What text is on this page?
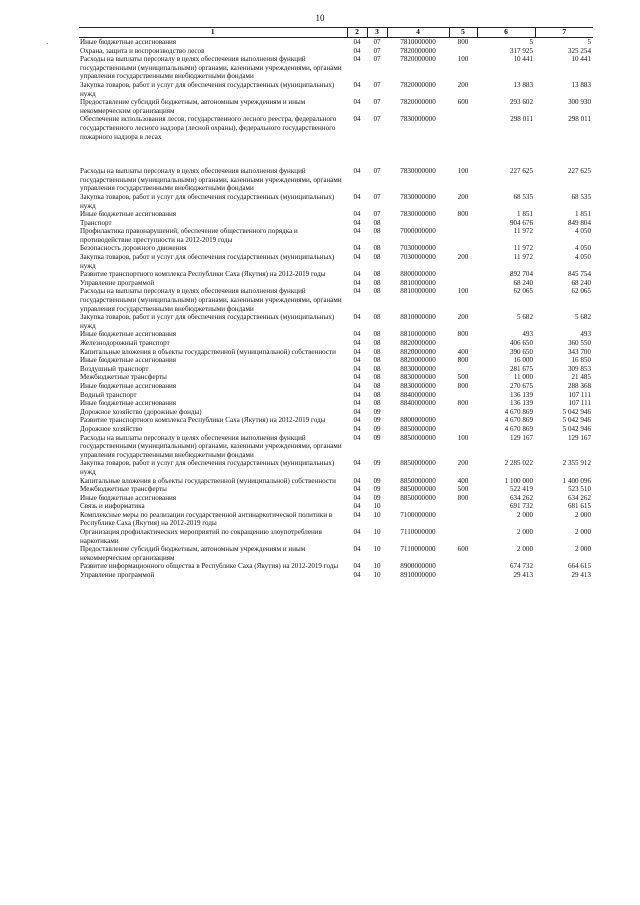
10
·
1	2	3	4	5	6	7
Иные бюджетные ассигнования	04	07	7810000000	800	5	5
Охрана, защита и воспроизводство лесов	04	07	7820000000		317 925	325 254
Расходы на выплаты персоналу в целях обеспечения выполнения функций государственными (муниципальными) органами, казенными учреждениями, органами управления государственными внебюджетными фондами	04	07	7820000000	100	10 441	10 441
Закупка товаров, работ и услуг для обеспечения государственных (муниципальных) нужд	04	07	7820000000	200	13 883	13 883
Предоставление субсидий бюджетным, автономным учреждениям и иным некоммерческим организациям	04	07	7820000000	600	293 602	300 930
Обеспечение использования лесов, государственного лесного реестра, федерального государственного лесного надзора (лесной охраны), федерального государственного пожарного надзора в лесах	04	07	7830000000		298 011	298 011
Расходы на выплаты персоналу в целях обеспечения выполнения функций государственными (муниципальными) органами, казенными учреждениями, органами управления государственными внебюджетными фондами	04	07	7830000000	100	227 625	227 625
Закупка товаров, работ и услуг для обеспечения государственных (муниципальных) нужд	04	07	7830000000	200	68 535	68 535
Иные бюджетные ассигнования	04	07	7830000000	800	1 851	1 851
Транспорт	04	08			904 676	849 804
Профилактика правонарушений, обеспечение общественного порядка и противодействие преступности на 2012-2019 годы	04	08	7000000000		11 972	4 050
Безопасность дорожного движения	04	08	7030000000		11 972	4 050
Закупка товаров, работ и услуг для обеспечения государственных (муниципальных) нужд	04	08	7030000000	200	11 972	4 050
Развитие транспортного комплекса Республики Саха (Якутия) на 2012-2019 годы	04	08	8800000000		892 704	845 754
Управление программой	04	08	8810000000		68 240	68 240
Расходы на выплаты персоналу в целях обеспечения выполнения функций государственными (муниципальными) органами, казенными учреждениями, органами управления государственными внебюджетными фондами	04	08	8810000000	100	62 065	62 065
Закупка товаров, работ и услуг для обеспечения государственных (муниципальных) нужд	04	08	8810000000	200	5 682	5 682
Иные бюджетные ассигнования	04	08	8810000000	800	493	493
Железнодорожный транспорт	04	08	8820000000		406 650	360 550
Капитальные вложения в объекты государственной (муниципальной) собственности	04	08	8820000000	400	390 650	343 700
Иные бюджетные ассигнования	04	08	8820000000	800	16 000	16 850
Воздушный транспорт	04	08	8830000000		281 675	309 853
Межбюджетные трансферты	04	08	8830000000	500	11 000	21 485
Иные бюджетные ассигнования	04	08	8830000000	800	270 675	288 368
Водный транспорт	04	08	8840000000		136 139	107 111
Иные бюджетные ассигнования	04	08	8840000000	800	136 139	107 111
Дорожное хозяйство (дорожные фонды)	04	09			4 670 869	5 042 946
Развитие транспортного комплекса Республики Саха (Якутия) на 2012-2019 годы	04	09	8800000000		4 670 869	5 042 946
Дорожное хозяйство	04	09	8850000000		4 670 869	5 042 946
Расходы на выплаты персоналу в целях обеспечения выполнения функций государственными (муниципальными) органами, казенными учреждениями, органами управления государственными внебюджетными фондами	04	09	8850000000	100	129 167	129 167
Закупка товаров, работ и услуг для обеспечения государственных (муниципальных) нужд	04	09	8850000000	200	2 285 022	2 355 912
Капитальные вложения в объекты государственной (муниципальной) собственности	04	09	8850000000	400	1 100 000	1 400 096
Межбюджетные трансферты	04	09	8850000000	500	522 419	523 510
Иные бюджетные ассигнования	04	09	8850000000	800	634 262	634 262
Связь и информатика	04	10			691 732	681 615
Комплексные меры по реализации государственной антинаркотической политики в Республике Саха (Якутия) на 2012-2019 годы	04	10	7100000000		2 000	2 000
Организация профилактических мероприятий по сокращению злоупотребления наркотиками	04	10	7110000000		2 000	2 000
Предоставление субсидий бюджетным, автономным учреждениям и иным некоммерческим организациям	04	10	7110000000	600	2 000	2 000
Развитие информационного общества в Республике Саха (Якутия) на 2012-2019 годы	04	10	8900000000		674 732	664 615
Управление программой	04	10	8910000000		29 413	29 413
